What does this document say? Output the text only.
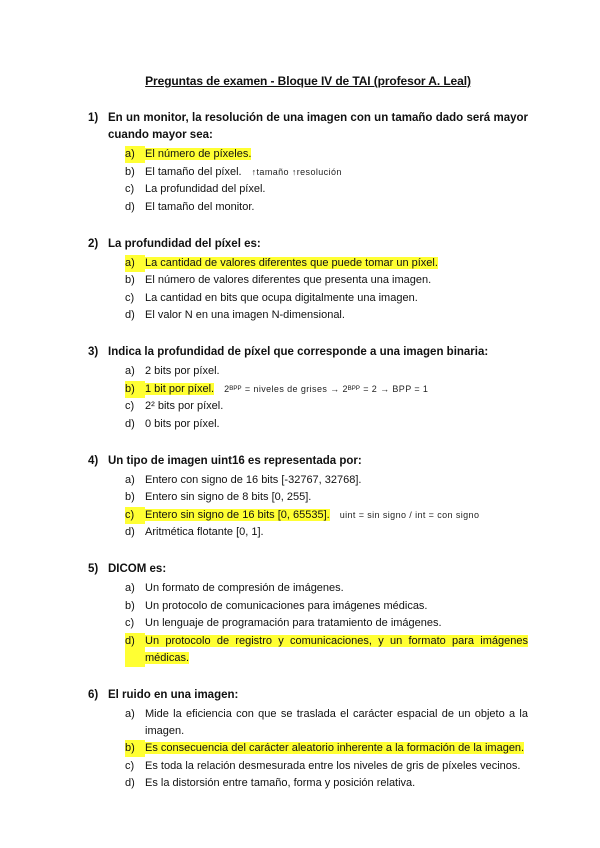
Preguntas de examen - Bloque IV de TAI (profesor A. Leal)
1) En un monitor, la resolución de una imagen con un tamaño dado será mayor cuando mayor sea:
a) El número de píxeles.
b) El tamaño del píxel. ↑tamaño ↑resolución
c) La profundidad del píxel.
d) El tamaño del monitor.
2) La profundidad del píxel es:
a) La cantidad de valores diferentes que puede tomar un píxel.
b) El número de valores diferentes que presenta una imagen.
c) La cantidad en bits que ocupa digitalmente una imagen.
d) El valor N en una imagen N-dimensional.
3) Indica la profundidad de píxel que corresponde a una imagen binaria:
a) 2 bits por píxel.
b) 1 bit por píxel. 2ᴮᴾᴾ = niveles de grises → 2ᴮᴾᴾ = 2 → BPP = 1
c) 2² bits por píxel.
d) 0 bits por píxel.
4) Un tipo de imagen uint16 es representada por:
a) Entero con signo de 16 bits [-32767, 32768].
b) Entero sin signo de 8 bits [0, 255].
c) Entero sin signo de 16 bits [0, 65535]. uint = sin signo / int = con signo
d) Aritmética flotante [0, 1].
5) DICOM es:
a) Un formato de compresión de imágenes.
b) Un protocolo de comunicaciones para imágenes médicas.
c) Un lenguaje de programación para tratamiento de imágenes.
d) Un protocolo de registro y comunicaciones, y un formato para imágenes médicas.
6) El ruido en una imagen:
a) Mide la eficiencia con que se traslada el carácter espacial de un objeto a la imagen.
b) Es consecuencia del carácter aleatorio inherente a la formación de la imagen.
c) Es toda la relación desmesurada entre los niveles de gris de píxeles vecinos.
d) Es la distorsión entre tamaño, forma y posición relativa.
